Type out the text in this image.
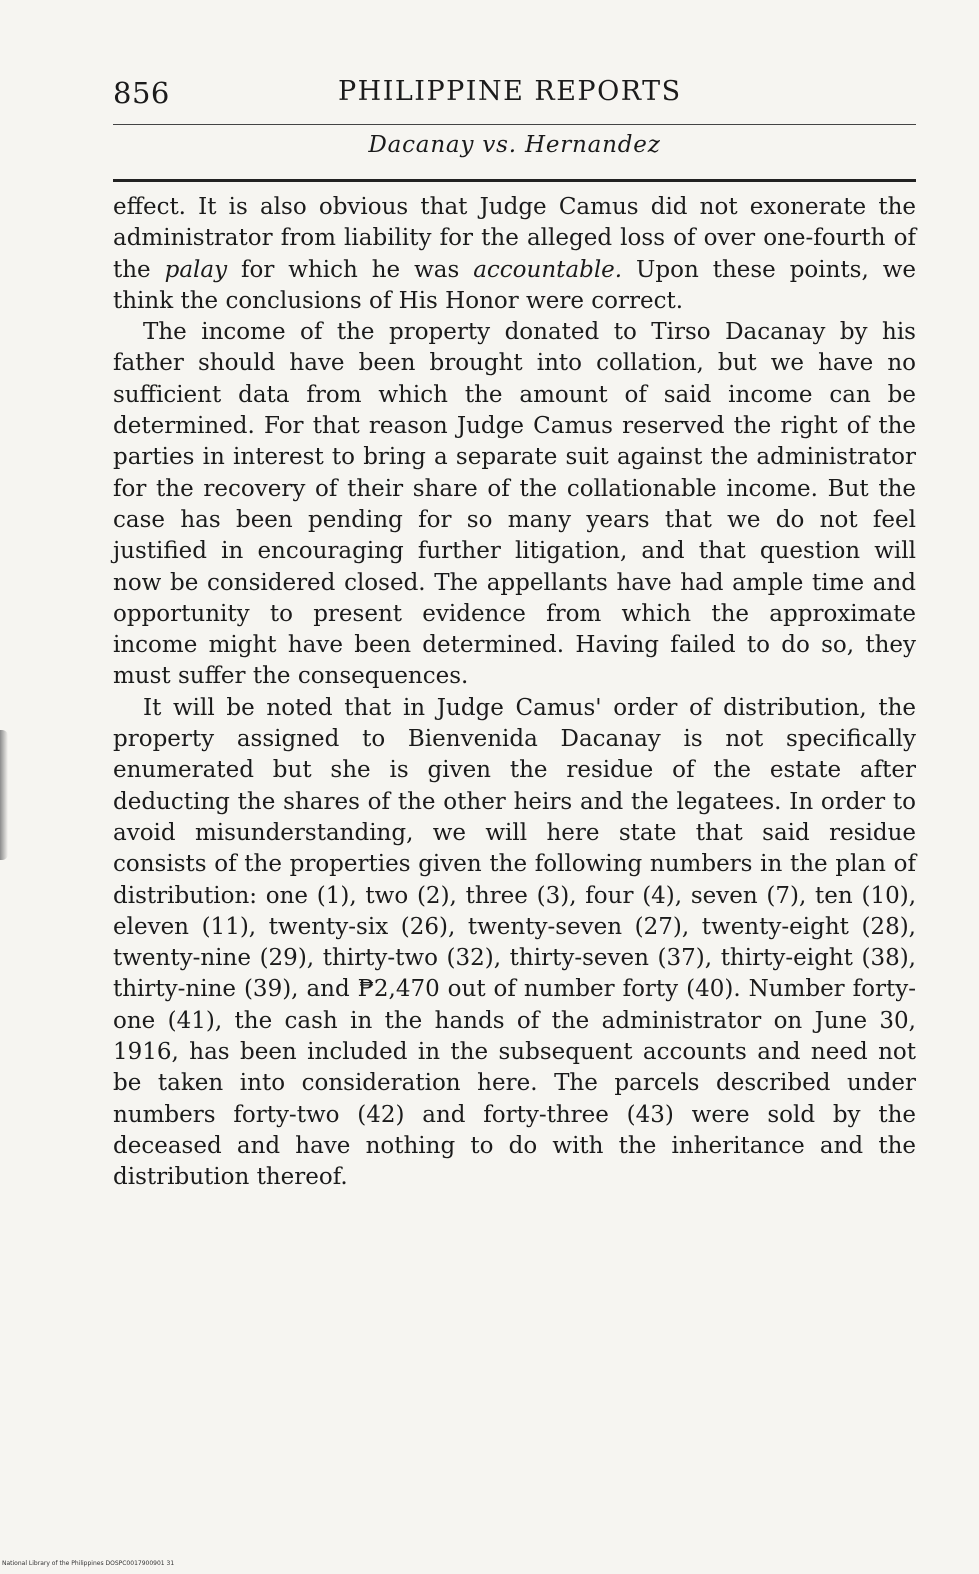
856	PHILIPPINE REPORTS
Dacanay vs. Hernandez

effect. It is also obvious that Judge Camus did not exonerate the administrator from liability for the alleged loss of over one-fourth of the palay for which he was accountable. Upon these points, we think the conclusions of His Honor were correct.

The income of the property donated to Tirso Dacanay by his father should have been brought into collation, but we have no sufficient data from which the amount of said income can be determined. For that reason Judge Camus reserved the right of the parties in interest to bring a separate suit against the administrator for the recovery of their share of the collationable income. But the case has been pending for so many years that we do not feel justified in encouraging further litigation, and that question will now be considered closed. The appellants have had ample time and opportunity to present evidence from which the approximate income might have been determined. Having failed to do so, they must suffer the consequences.

It will be noted that in Judge Camus' order of distribution, the property assigned to Bienvenida Dacanay is not specifically enumerated but she is given the residue of the estate after deducting the shares of the other heirs and the legatees. In order to avoid misunderstanding, we will here state that said residue consists of the properties given the following numbers in the plan of distribution: one (1), two (2), three (3), four (4), seven (7), ten (10), eleven (11), twenty-six (26), twenty-seven (27), twenty-eight (28), twenty-nine (29), thirty-two (32), thirty-seven (37), thirty-eight (38), thirty-nine (39), and ₱2,470 out of number forty (40). Number forty-one (41), the cash in the hands of the administrator on June 30, 1916, has been included in the subsequent accounts and need not be taken into consideration here. The parcels described under numbers forty-two (42) and forty-three (43) were sold by the deceased and have nothing to do with the inheritance and the distribution thereof.

National Library of the Philippines DOSPC0017900901 31
